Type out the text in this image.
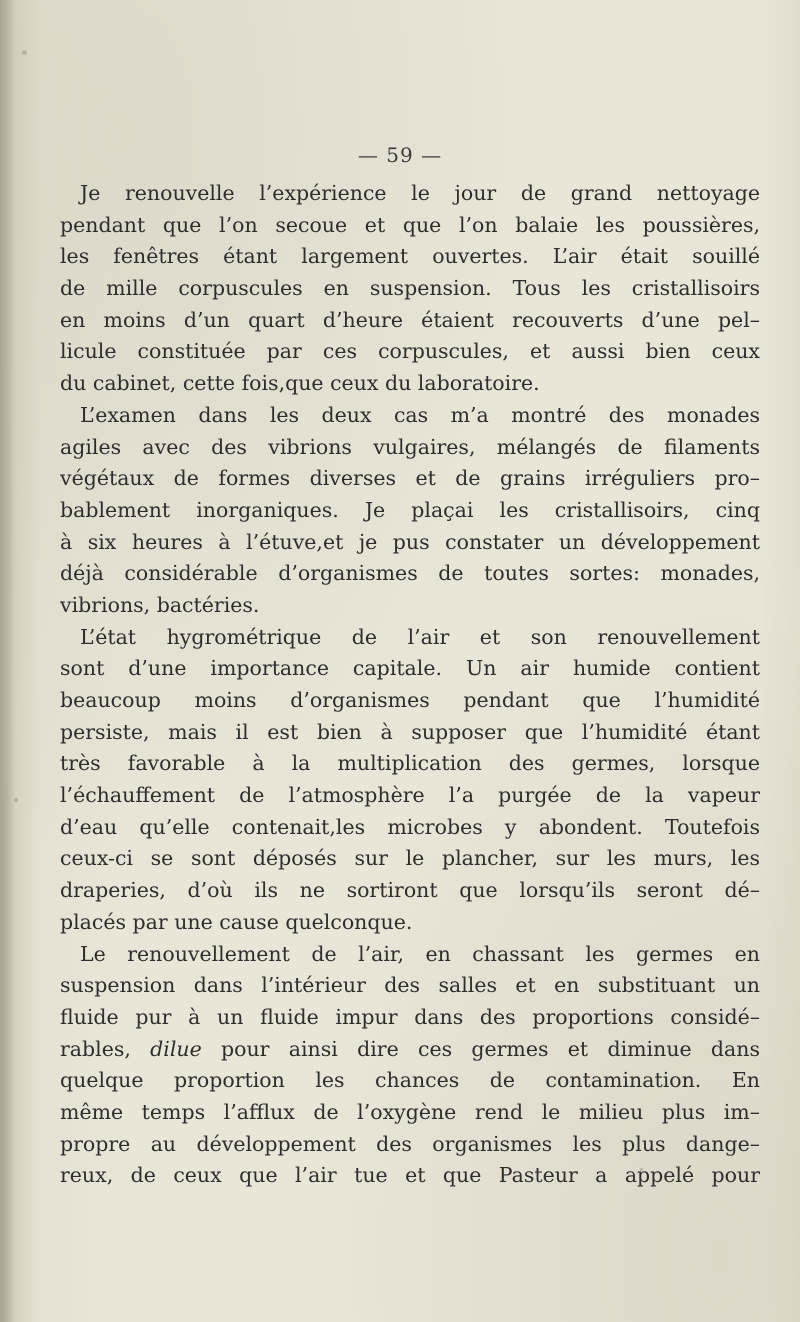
— 59 —
Je renouvelle l’expérience le jour de grand nettoyage
pendant que l’on secoue et que l’on balaie les poussières,
les fenêtres étant largement ouvertes. L’air était souillé
de mille corpuscules en suspension. Tous les cristallisoirs
en moins d’un quart d’heure étaient recouverts d’une pel–
licule constituée par ces corpuscules, et aussi bien ceux
du cabinet, cette fois,que ceux du laboratoire.
L’examen dans les deux cas m’a montré des monades
agiles avec des vibrions vulgaires, mélangés de filaments
végétaux de formes diverses et de grains irréguliers pro–
bablement inorganiques. Je plaçai les cristallisoirs, cinq
à six heures à l’étuve,et je pus constater un développement
déjà considérable d’organismes de toutes sortes: monades,
vibrions, bactéries.
L’état hygrométrique de l’air et son renouvellement
sont d’une importance capitale. Un air humide contient
beaucoup moins d’organismes pendant que l’humidité
persiste, mais il est bien à supposer que l’humidité étant
très favorable à la multiplication des germes, lorsque
l’échauffement de l’atmosphère l’a purgée de la vapeur
d’eau qu’elle contenait,les microbes y abondent. Toutefois
ceux-ci se sont déposés sur le plancher, sur les murs, les
draperies, d’où ils ne sortiront que lorsqu’ils seront dé–
placés par une cause quelconque.
Le renouvellement de l’air, en chassant les germes en
suspension dans l’intérieur des salles et en substituant un
fluide pur à un fluide impur dans des proportions considé–
rables, dilue pour ainsi dire ces germes et diminue dans
quelque proportion les chances de contamination. En
même temps l’afflux de l’oxygène rend le milieu plus im–
propre au développement des organismes les plus dange–
reux, de ceux que l’air tue et que Pasteur a appelé pour
